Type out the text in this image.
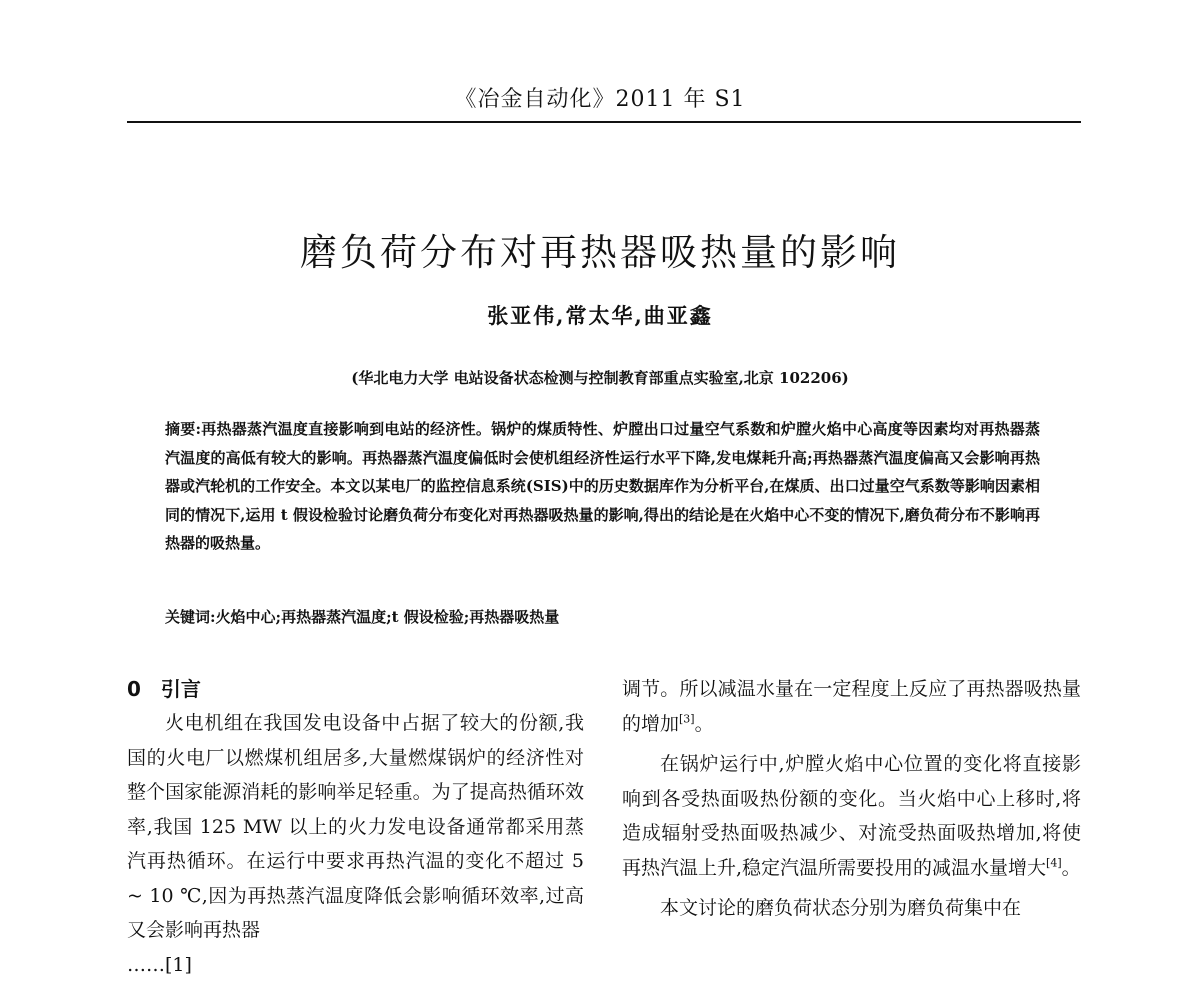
《冶金自动化》2011 年 S1
磨负荷分布对再热器吸热量的影响
张亚伟,常太华,曲亚鑫
(华北电力大学 电站设备状态检测与控制教育部重点实验室,北京 102206)

摘要:再热器蒸汽温度直接影响到电站的经济性。锅炉的煤质特性、炉膛出口过量空气系数和炉膛火焰中心高度等因素均对再热器蒸汽温度的高低有较大的影响。再热器蒸汽温度偏低时会使机组经济性运行水平下降,发电煤耗升高;再热器蒸汽温度偏高又会影响再热器或汽轮机的工作安全。本文以某电厂的监控信息系统(SIS)中的历史数据库作为分析平台,在煤质、出口过量空气系数等影响因素相同的情况下,运用 t 假设检验讨论磨负荷分布变化对再热器吸热量的影响,得出的结论是在火焰中心不变的情况下,磨负荷分布不影响再热器的吸热量。

关键词:火焰中心;再热器蒸汽温度;t 假设检验;再热器吸热量

0 引言

火电机组在我国发电设备中占据了较大的份额,我国的火电厂以燃煤机组居多,大量燃煤锅炉的经济性对整个国家能源消耗的影响举足轻重。为了提高热循环效率,我国 125 MW 以上的火力发电设备通常都采用蒸汽再热循环。在运行中要求再热汽温的变化不超过 5 ~ 10 ℃,因为再热蒸汽温度降低会影响循环效率,过高又会影响再热器

……[1]

调节。所以减温水量在一定程度上反应了再热器吸热量的增加[3]。

在锅炉运行中,炉膛火焰中心位置的变化将直接影响到各受热面吸热份额的变化。当火焰中心上移时,将造成辐射受热面吸热减少、对流受热面吸热增加,将使再热汽温上升,稳定汽温所需要投用的减温水量增大[4]。

本文讨论的磨负荷状态分别为磨负荷集中在
